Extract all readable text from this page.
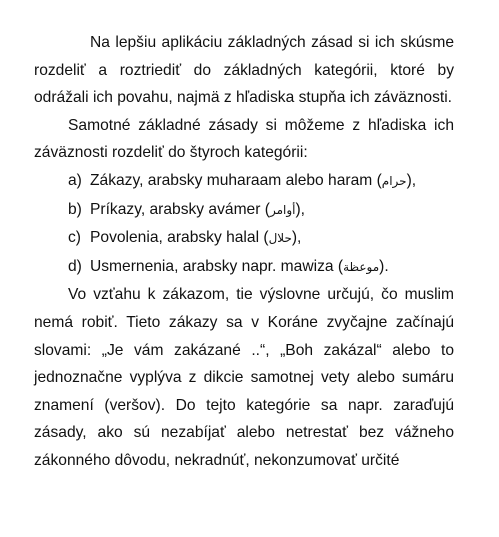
Na lepšiu aplikáciu základných zásad si ich skúsme rozdeliť a roztriediť do základných kategórii, ktoré by odrážali ich povahu, najmä z hľadiska stupňa ich záväznosti.

Samotné základné zásady si môžeme z hľadiska ich záväznosti rozdeliť do štyroch kategórii:

a) Zákazy, arabsky muharaam alebo haram (حرام),

b) Príkazy, arabsky avámer (أوامر),

c) Povolenia, arabsky halal (حلال),

d) Usmernenia, arabsky napr. mawiza (موعظة).

Vo vzťahu k zákazom, tie výslovne určujú, čo muslim nemá robiť. Tieto zákazy sa v Koráne zvyčajne začínajú slovami: „Je vám zakázané ..“, „Boh zakázal“ alebo to jednoznačne vyplýva z dikcie samotnej vety alebo sumáru znamení (veršov). Do tejto kategórie sa napr. zaraďujú zásady, ako sú nezabíjať alebo netrestať bez vážneho zákonného dôvodu, nekradnúť, nekonzumovať určité
